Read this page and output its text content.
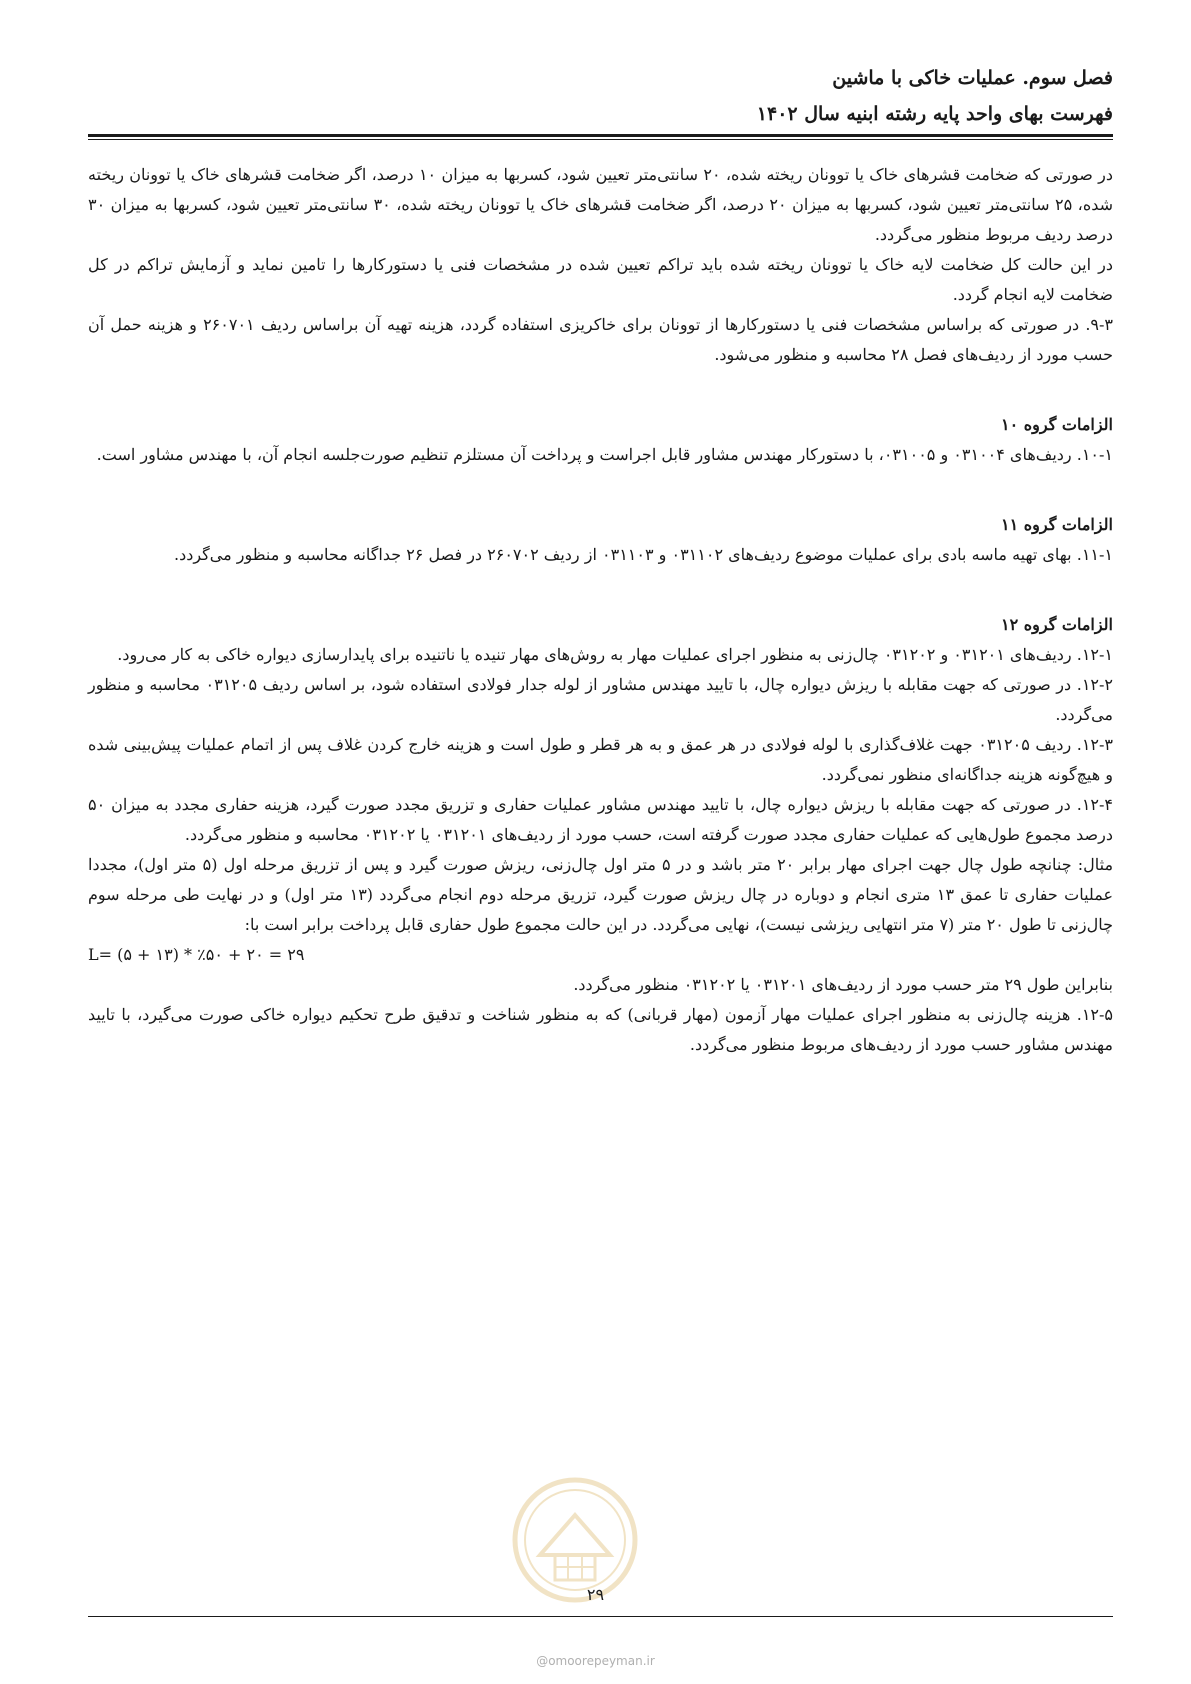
فصل سوم. عملیات خاکی با ماشین

فهرست بهای واحد پایه رشته ابنیه سال ۱۴۰۲

در صورتی که ضخامت قشرهای خاک یا توونان ریخته شده، ۲۰ سانتی‌متر تعیین شود، کسربها به میزان ۱۰ درصد، اگر ضخامت قشرهای خاک یا توونان ریخته شده، ۲۵ سانتی‌متر تعیین شود، کسربها به میزان ۲۰ درصد، اگر ضخامت قشرهای خاک یا توونان ریخته شده، ۳۰ سانتی‌متر تعیین شود، کسربها به میزان ۳۰ درصد ردیف مربوط منظور می‌گردد.

در این حالت کل ضخامت لایه خاک یا توونان ریخته شده باید تراکم تعیین شده در مشخصات فنی یا دستورکارها را تامین نماید و آزمایش تراکم در کل ضخامت لایه انجام گردد.

۹-۳. در صورتی که براساس مشخصات فنی یا دستورکارها از توونان برای خاکریزی استفاده گردد، هزینه تهیه آن براساس ردیف ۲۶۰۷۰۱ و هزینه حمل آن حسب مورد از ردیف‌های فصل ۲۸ محاسبه و منظور می‌شود.

الزامات گروه ۱۰

۱۰-۱. ردیف‌های ۰۳۱۰۰۴ و ۰۳۱۰۰۵، با دستورکار مهندس مشاور قابل اجراست و پرداخت آن مستلزم تنظیم صورت‌جلسه انجام آن، با مهندس مشاور است.

الزامات گروه ۱۱

۱۱-۱. بهای تهیه ماسه بادی برای عملیات موضوع ردیف‌های ۰۳۱۱۰۲ و ۰۳۱۱۰۳ از ردیف ۲۶۰۷۰۲ در فصل ۲۶ جداگانه محاسبه و منظور می‌گردد.

الزامات گروه ۱۲

۱۲-۱. ردیف‌های ۰۳۱۲۰۱ و ۰۳۱۲۰۲ چال‌زنی به منظور اجرای عملیات مهار به روش‌های مهار تنیده یا ناتنیده برای پایدارسازی دیواره خاکی به کار می‌رود.

۱۲-۲. در صورتی که جهت مقابله با ریزش دیواره چال، با تایید مهندس مشاور از لوله جدار فولادی استفاده شود، بر اساس ردیف ۰۳۱۲۰۵ محاسبه و منظور می‌گردد.

۱۲-۳. ردیف ۰۳۱۲۰۵ جهت غلاف‌گذاری با لوله فولادی در هر عمق و به هر قطر و طول است و هزینه خارج کردن غلاف پس از اتمام عملیات پیش‌بینی شده و هیچ‌گونه هزینه جداگانه‌ای منظور نمی‌گردد.

۱۲-۴. در صورتی که جهت مقابله با ریزش دیواره چال، با تایید مهندس مشاور عملیات حفاری و تزریق مجدد صورت گیرد، هزینه حفاری مجدد به میزان ۵۰ درصد مجموع طول‌هایی که عملیات حفاری مجدد صورت گرفته است، حسب مورد از ردیف‌های ۰۳۱۲۰۱ یا ۰۳۱۲۰۲ محاسبه و منظور می‌گردد.

مثال: چنانچه طول چال جهت اجرای مهار برابر ۲۰ متر باشد و در ۵ متر اول چال‌زنی، ریزش صورت گیرد و پس از تزریق مرحله اول (۵ متر اول)، مجددا عملیات حفاری تا عمق ۱۳ متری انجام و دوباره در چال ریزش صورت گیرد، تزریق مرحله دوم انجام می‌گردد (۱۳ متر اول) و در نهایت طی مرحله سوم چال‌زنی تا طول ۲۰ متر (۷ متر انتهایی ریزشی نیست)، نهایی می‌گردد. در این حالت مجموع طول حفاری قابل پرداخت برابر است با:

L= (۵ + ۱۳) * ٪۵۰ + ۲۰ = ۲۹

بنابراین طول ۲۹ متر حسب مورد از ردیف‌های ۰۳۱۲۰۱ یا ۰۳۱۲۰۲ منظور می‌گردد.

۱۲-۵. هزینه چال‌زنی به منظور اجرای عملیات مهار آزمون (مهار قربانی) که به منظور شناخت و تدقیق طرح تحکیم دیواره خاکی صورت می‌گیرد، با تایید مهندس مشاور حسب مورد از ردیف‌های مربوط منظور می‌گردد.

۲۹
@omoorepeyman.ir
